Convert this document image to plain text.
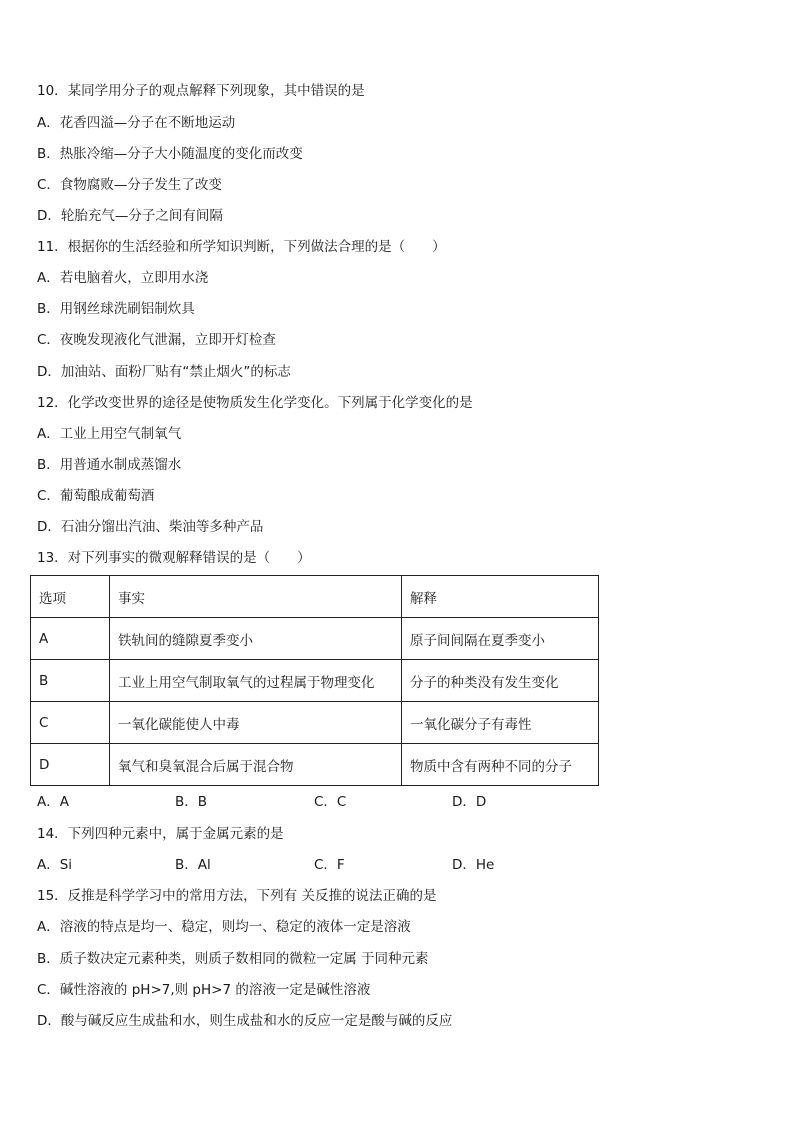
10．某同学用分子的观点解释下列现象，其中错误的是
A．花香四溢—分子在不断地运动
B．热胀冷缩—分子大小随温度的变化而改变
C．食物腐败—分子发生了改变
D．轮胎充气—分子之间有间隔
11．根据你的生活经验和所学知识判断，下列做法合理的是（　　）
A．若电脑着火，立即用水浇
B．用钢丝球洗刷铝制炊具
C．夜晚发现液化气泄漏，立即开灯检查
D．加油站、面粉厂贴有“禁止烟火”的标志
12．化学改变世界的途径是使物质发生化学变化。下列属于化学变化的是
A．工业上用空气制氧气
B．用普通水制成蒸馏水
C．葡萄酿成葡萄酒
D．石油分馏出汽油、柴油等多种产品
13．对下列事实的微观解释错误的是（　　）
选项	事实	解释
A	铁轨间的缝隙夏季变小	原子间间隔在夏季变小
B	工业上用空气制取氧气的过程属于物理变化	分子的种类没有发生变化
C	一氧化碳能使人中毒	一氧化碳分子有毒性
D	氧气和臭氧混合后属于混合物	物质中含有两种不同的分子
A．A	B．B	C．C	D．D
14．下列四种元素中，属于金属元素的是
A．Si	B．Al	C．F	D．He
15．反推是科学学习中的常用方法，下列有 关反推的说法正确的是
A．溶液的特点是均一、稳定，则均一、稳定的液体一定是溶液
B．质子数决定元素种类，则质子数相同的微粒一定属 于同种元素
C．碱性溶液的 pH>7,则 pH>7 的溶液一定是碱性溶液
D．酸与碱反应生成盐和水，则生成盐和水的反应一定是酸与碱的反应
